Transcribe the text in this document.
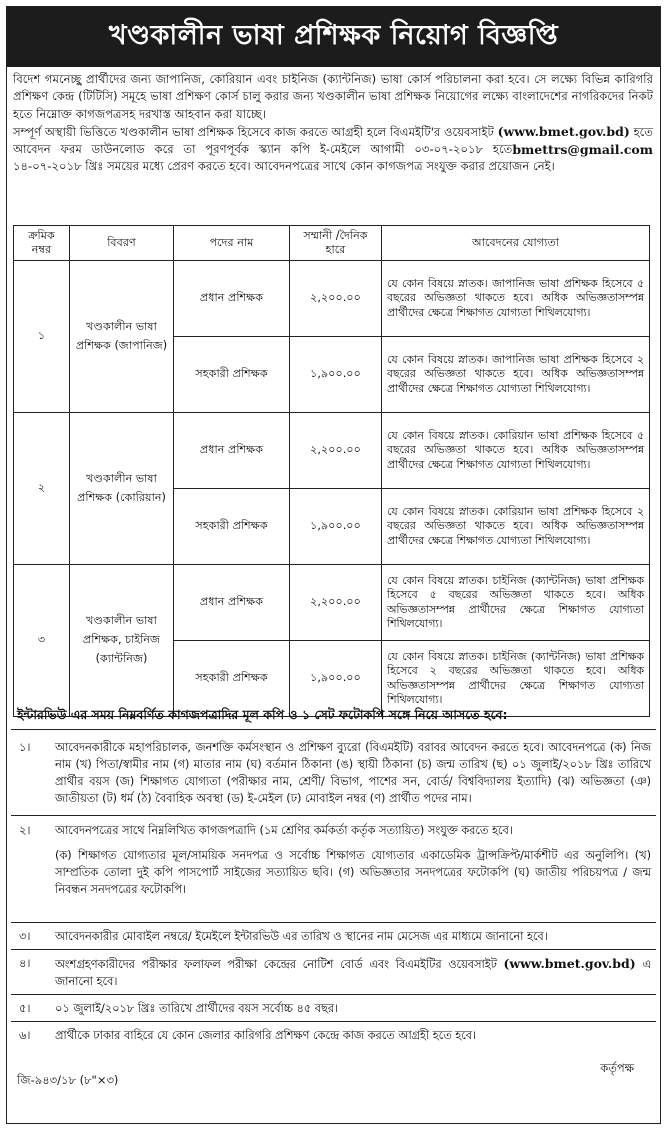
খণ্ডকালীন ভাষা প্রশিক্ষক নিয়োগ বিজ্ঞপ্তি

বিদেশ গমনেচ্ছু প্রার্থীদের জন্য জাপানিজ, কোরিয়ান এবং চাইনিজ (ক্যান্টনিজ) ভাষা কোর্স পরিচালনা করা হবে। সে লক্ষ্যে বিভিন্ন কারিগরি প্রশিক্ষণ কেন্দ্র (টিটিসি) সমূহে ভাষা প্রশিক্ষণ কোর্স চালু করার জন্য খণ্ডকালীন ভাষা প্রশিক্ষক নিয়োগের লক্ষ্যে বাংলাদেশের নাগরিকদের নিকট হতে নিম্নোক্ত কাগজপত্রসহ দরখাস্ত আহবান করা যাচ্ছে।

সম্পূর্ণ অস্থায়ী ভিত্তিতে খণ্ডকালীন ভাষা প্রশিক্ষক হিসেবে কাজ করতে আগ্রহী হলে বিএমইটি'র ওয়েবসাইট (www.bmet.gov.bd) হতে আবেদন ফরম ডাউনলোড করে তা পূরণপূর্বক স্ক্যান কপি	bmettrs@gmail.com
ই-মেইলে আগামী ০৩-০৭-২০১৮ হতে ১৪-০৭-২০১৮ খ্রিঃ সময়ের মধ্যে প্রেরণ করতে হবে। আবেদনপত্রের সাথে কোন কাগজপত্র সংযুক্ত করার প্রয়োজন নেই।

ক্রমিক নম্বর	বিবরণ	পদের নাম	সম্মানী /দৈনিক হারে	আবেদনের যোগ্যতা
১	খণ্ডকালীন ভাষা প্রশিক্ষক (জাপানিজ)	প্রধান প্রশিক্ষক	২,২০০.০০	যে কোন বিষয়ে স্নাতক। জাপানিজ ভাষা প্রশিক্ষক হিসেবে ৫ বছরের অভিজ্ঞতা থাকতে হবে। অধিক অভিজ্ঞতাসম্পন্ন প্রার্থীদের ক্ষেত্রে শিক্ষাগত যোগ্যতা শিথিলযোগ্য।
		সহকারী প্রশিক্ষক	১,৯০০.০০	যে কোন বিষয়ে স্নাতক। জাপানিজ ভাষা প্রশিক্ষক হিসেবে ২ বছরের অভিজ্ঞতা থাকতে হবে। অধিক অভিজ্ঞতাসম্পন্ন প্রার্থীদের ক্ষেত্রে শিক্ষাগত যোগ্যতা শিথিলযোগ্য।
২	খণ্ডকালীন ভাষা প্রশিক্ষক (কোরিয়ান)	প্রধান প্রশিক্ষক	২,২০০.০০	যে কোন বিষয়ে স্নাতক। কোরিয়ান ভাষা প্রশিক্ষক হিসেবে ৫ বছরের অভিজ্ঞতা থাকতে হবে। অধিক অভিজ্ঞতাসম্পন্ন প্রার্থীদের ক্ষেত্রে শিক্ষাগত যোগ্যতা শিথিলযোগ্য।
		সহকারী প্রশিক্ষক	১,৯০০.০০	যে কোন বিষয়ে স্নাতক। কোরিয়ান ভাষা প্রশিক্ষক হিসেবে ২ বছরের অভিজ্ঞতা থাকতে হবে। অধিক অভিজ্ঞতাসম্পন্ন প্রার্থীদের ক্ষেত্রে শিক্ষাগত যোগ্যতা শিথিলযোগ্য।
৩	খণ্ডকালীন ভাষা প্রশিক্ষক, চাইনিজ (ক্যান্টনিজ)	প্রধান প্রশিক্ষক	২,২০০.০০	যে কোন বিষয়ে স্নাতক। চাইনিজ (ক্যান্টনিজ) ভাষা প্রশিক্ষক হিসেবে ৫ বছরের অভিজ্ঞতা থাকতে হবে। অধিক অভিজ্ঞতাসম্পন্ন প্রার্থীদের ক্ষেত্রে শিক্ষাগত যোগ্যতা শিথিলযোগ্য।
		সহকারী প্রশিক্ষক	১,৯০০.০০	যে কোন বিষয়ে স্নাতক। চাইনিজ (ক্যান্টনিজ) ভাষা প্রশিক্ষক হিসেবে ২ বছরের অভিজ্ঞতা থাকতে হবে। অধিক অভিজ্ঞতাসম্পন্ন প্রার্থীদের ক্ষেত্রে শিক্ষাগত যোগ্যতা শিথিলযোগ্য।
ইন্টারভিউ এর সময় নিম্নবর্ণিত কাগজপত্রাদির মূল কপি ও ১ সেট ফটোকপি সঙ্গে নিয়ে আসতে হবে:
১।	আবেদনকারীকে মহাপরিচালক, জনশক্তি কর্মসংস্থান ও প্রশিক্ষণ ব্যুরো (বিএমইটি) বরাবর আবেদন করতে হবে। আবেদনপত্রে (ক) নিজ নাম (খ) পিতা/স্বামীর নাম (গ) মাতার নাম (ঘ) বর্তমান ঠিকানা (ঙ) স্থায়ী ঠিকানা (চ) জন্ম তারিখ (ছ) ০১ জুলাই/২০১৮ খ্রিঃ তারিখে প্রার্থীর বয়স (জ) শিক্ষাগত যোগ্যতা (পরীক্ষার নাম, শ্রেণী/ বিভাগ, পাশের সন, বোর্ড/ বিশ্ববিদ্যালয় ইত্যাদি) (ঝ) অভিজ্ঞতা (ঞ) জাতীয়তা (ট) ধর্ম (ঠ) বৈবাহিক অবস্থা (ড) ই-মেইল (ঢ) মোবাইল নম্বর (ণ) প্রার্থীত পদের নাম।
২।	আবেদনপত্রের সাথে নিম্নলিখিত কাগজপত্রাদি (১ম শ্রেণির কর্মকর্তা কর্তৃক সত্যায়িত) সংযুক্ত করতে হবে।
(ক) শিক্ষাগত যোগ্যতার মূল/সাময়িক সনদপত্র ও সর্বোচ্চ শিক্ষাগত যোগ্যতার একাডেমিক ট্রান্সক্রিপ্ট/মার্কশীট এর অনুলিপি। (খ) সাম্প্রতিক তোলা দুই কপি পাসপোর্ট সাইজের সত্যায়িত ছবি। (গ) অভিজ্ঞতার সনদপত্রের ফটোকপি (ঘ) জাতীয় পরিচয়পত্র / জন্ম নিবন্ধন সনদপত্রের ফটোকপি।
৩।	আবেদনকারীর মোবাইল নম্বরে/ ইমেইলে ইন্টারভিউ এর তারিখ ও স্থানের নাম মেসেজ এর মাধ্যমে জানানো হবে।
৪।	অংশগ্রহণকারীদের পরীক্ষার ফলাফল পরীক্ষা কেন্দ্রের নোটিশ বোর্ড এবং বিএমইটির ওয়েবসাইট (www.bmet.gov.bd) এ জানানো হবে।
৫।	০১ জুলাই/২০১৮ খ্রিঃ তারিখে প্রার্থীদের বয়স সর্বোচ্চ ৪৫ বছর।
৬।	প্রার্থীকে ঢাকার বাহিরে যে কোন জেলার কারিগরি প্রশিক্ষণ কেন্দ্রে কাজ করতে আগ্রহী হতে হবে।
কর্তৃপক্ষ
জি-৯৪৩/১৮ (৮"×৩)
